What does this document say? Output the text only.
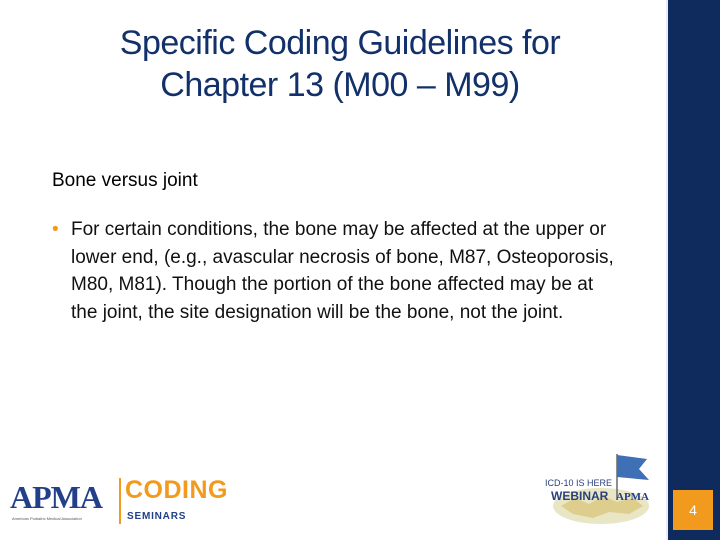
4
Specific Coding Guidelines for
Chapter 13 (M00 – M99)
Bone versus joint
• For certain conditions, the bone may be affected at the upper or lower end, (e.g., avascular necrosis of bone, M87, Osteoporosis, M80, M81). Though the portion of the bone affected may be at the joint, the site designation will be the bone, not the joint.
APMA
American Podiatric Medical Association
CODING
SEMINARS
ICD-10 IS HERE
WEBINAR APMA
